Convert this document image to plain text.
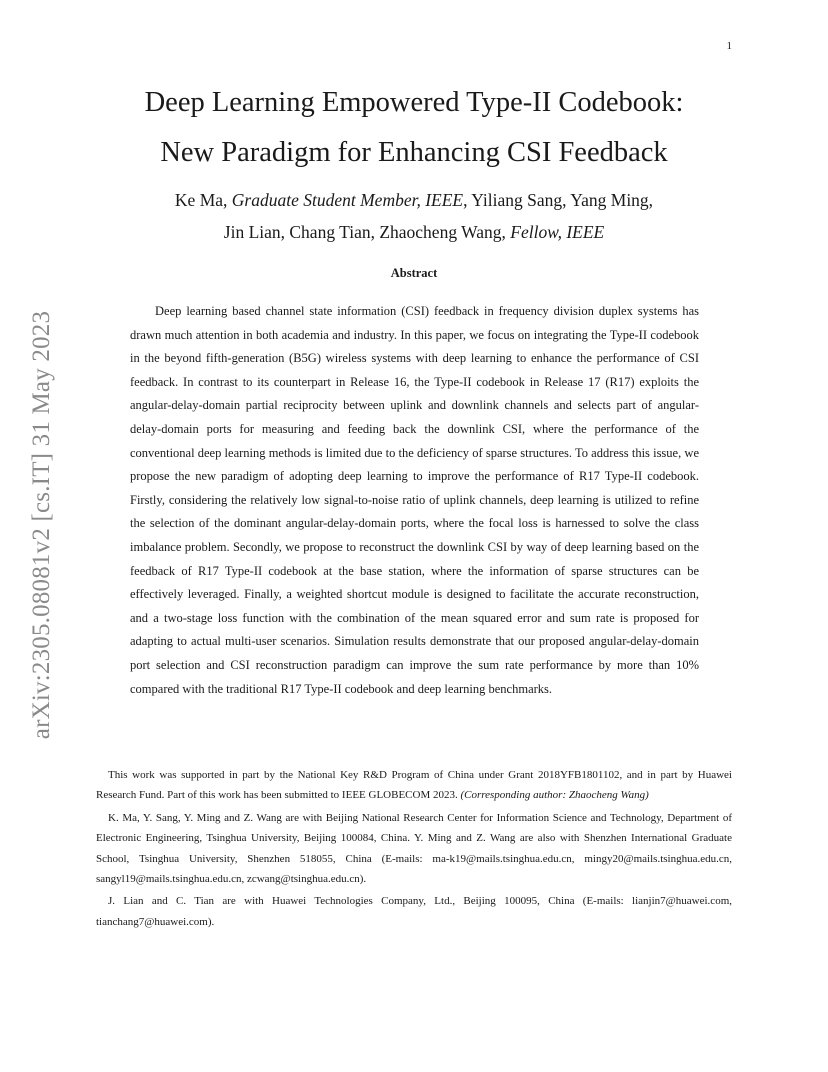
1
arXiv:2305.08081v2 [cs.IT] 31 May 2023
Deep Learning Empowered Type-II Codebook:
New Paradigm for Enhancing CSI Feedback
Ke Ma, Graduate Student Member, IEEE, Yiliang Sang, Yang Ming,
Jin Lian, Chang Tian, Zhaocheng Wang, Fellow, IEEE
Abstract

Deep learning based channel state information (CSI) feedback in frequency division duplex systems has drawn much attention in both academia and industry. In this paper, we focus on integrating the Type-II codebook in the beyond fifth-generation (B5G) wireless systems with deep learning to enhance the performance of CSI feedback. In contrast to its counterpart in Release 16, the Type-II codebook in Release 17 (R17) exploits the angular-delay-domain partial reciprocity between uplink and downlink channels and selects part of angular-delay-domain ports for measuring and feeding back the downlink CSI, where the performance of the conventional deep learning methods is limited due to the deficiency of sparse structures. To address this issue, we propose the new paradigm of adopting deep learning to improve the performance of R17 Type-II codebook. Firstly, considering the relatively low signal-to-noise ratio of uplink channels, deep learning is utilized to refine the selection of the dominant angular-delay-domain ports, where the focal loss is harnessed to solve the class imbalance problem. Secondly, we propose to reconstruct the downlink CSI by way of deep learning based on the feedback of R17 Type-II codebook at the base station, where the information of sparse structures can be effectively leveraged. Finally, a weighted shortcut module is designed to facilitate the accurate reconstruction, and a two-stage loss function with the combination of the mean squared error and sum rate is proposed for adapting to actual multi-user scenarios. Simulation results demonstrate that our proposed angular-delay-domain port selection and CSI reconstruction paradigm can improve the sum rate performance by more than 10% compared with the traditional R17 Type-II codebook and deep learning benchmarks.

This work was supported in part by the National Key R&D Program of China under Grant 2018YFB1801102, and in part by Huawei Research Fund. Part of this work has been submitted to IEEE GLOBECOM 2023. (Corresponding author: Zhaocheng Wang)

K. Ma, Y. Sang, Y. Ming and Z. Wang are with Beijing National Research Center for Information Science and Technology, Department of Electronic Engineering, Tsinghua University, Beijing 100084, China. Y. Ming and Z. Wang are also with Shenzhen International Graduate School, Tsinghua University, Shenzhen 518055, China (E-mails: ma-k19@mails.tsinghua.edu.cn, mingy20@mails.tsinghua.edu.cn, sangyl19@mails.tsinghua.edu.cn, zcwang@tsinghua.edu.cn).

J. Lian and C. Tian are with Huawei Technologies Company, Ltd., Beijing 100095, China (E-mails: lianjin7@huawei.com, tianchang7@huawei.com).
